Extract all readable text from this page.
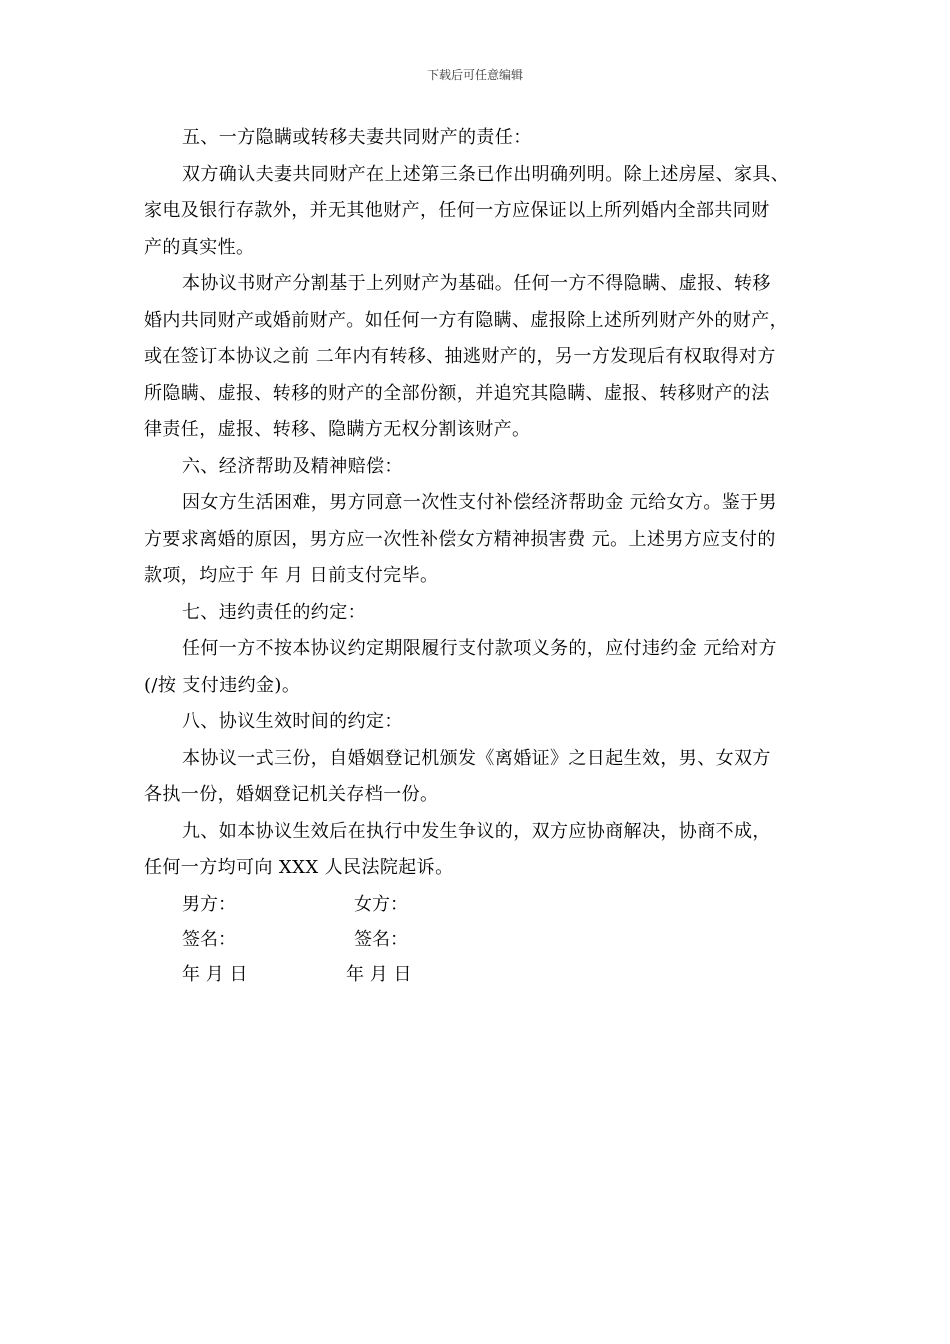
下载后可任意编辑
五、一方隐瞒或转移夫妻共同财产的责任：
双方确认夫妻共同财产在上述第三条已作出明确列明。除上述房屋、家具、
家电及银行存款外，并无其他财产，任何一方应保证以上所列婚内全部共同财
产的真实性。
本协议书财产分割基于上列财产为基础。任何一方不得隐瞒、虚报、转移
婚内共同财产或婚前财产。如任何一方有隐瞒、虚报除上述所列财产外的财产，
或在签订本协议之前 二年内有转移、抽逃财产的，另一方发现后有权取得对方
所隐瞒、虚报、转移的财产的全部份额，并追究其隐瞒、虚报、转移财产的法
律责任，虚报、转移、隐瞒方无权分割该财产。
六、经济帮助及精神赔偿：
因女方生活困难，男方同意一次性支付补偿经济帮助金 元给女方。鉴于男
方要求离婚的原因，男方应一次性补偿女方精神损害费 元。上述男方应支付的
款项，均应于 年 月 日前支付完毕。
七、违约责任的约定：
任何一方不按本协议约定期限履行支付款项义务的，应付违约金 元给对方
(/按 支付违约金)。
八、协议生效时间的约定：
本协议一式三份，自婚姻登记机颁发《离婚证》之日起生效，男、女双方
各执一份，婚姻登记机关存档一份。
九、如本协议生效后在执行中发生争议的，双方应协商解决，协商不成，
任何一方均可向 XXX 人民法院起诉。
男方：	女方：
签名：	签名：
年 月 日	年 月 日
